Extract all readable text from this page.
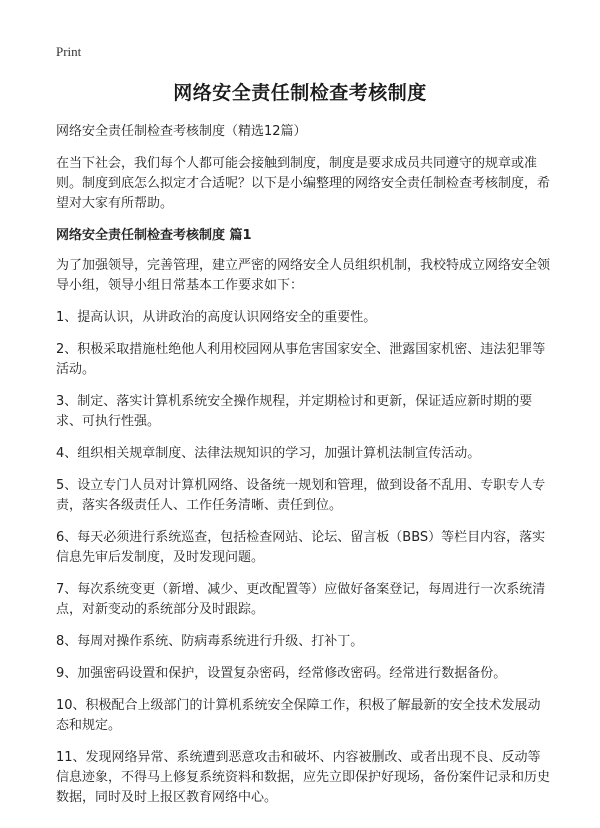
Print
网络安全责任制检查考核制度

网络安全责任制检查考核制度（精选12篇）

在当下社会，我们每个人都可能会接触到制度，制度是要求成员共同遵守的规章或准则。制度到底怎么拟定才合适呢？以下是小编整理的网络安全责任制检查考核制度，希望对大家有所帮助。

网络安全责任制检查考核制度 篇1

为了加强领导，完善管理，建立严密的网络安全人员组织机制，我校特成立网络安全领导小组，领导小组日常基本工作要求如下：

1、提高认识，从讲政治的高度认识网络安全的重要性。

2、积极采取措施杜绝他人利用校园网从事危害国家安全、泄露国家机密、违法犯罪等活动。

3、制定、落实计算机系统安全操作规程，并定期检讨和更新，保证适应新时期的要求、可执行性强。

4、组织相关规章制度、法律法规知识的学习，加强计算机法制宣传活动。

5、设立专门人员对计算机网络、设备统一规划和管理，做到设备不乱用、专职专人专责，落实各级责任人、工作任务清晰、责任到位。

6、每天必须进行系统巡查，包括检查网站、论坛、留言板（BBS）等栏目内容，落实信息先审后发制度，及时发现问题。

7、每次系统变更（新增、减少、更改配置等）应做好备案登记，每周进行一次系统清点，对新变动的系统部分及时跟踪。

8、每周对操作系统、防病毒系统进行升级、打补丁。

9、加强密码设置和保护，设置复杂密码，经常修改密码。经常进行数据备份。

10、积极配合上级部门的计算机系统安全保障工作，积极了解最新的安全技术发展动态和规定。

11、发现网络异常、系统遭到恶意攻击和破坏、内容被删改、或者出现不良、反动等信息迹象，不得马上修复系统资料和数据，应先立即保护好现场，备份案件记录和历史数据，同时及时上报区教育网络中心。
